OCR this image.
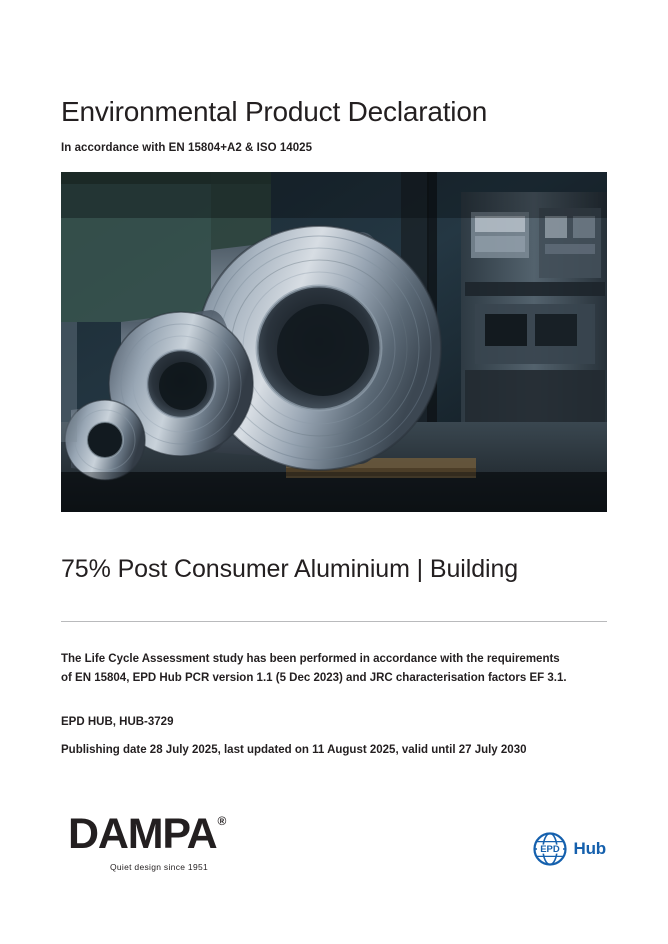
Environmental Product Declaration

In accordance with EN 15804+A2 & ISO 14025

75% Post Consumer Aluminium | Building

The Life Cycle Assessment study has been performed in accordance with the requirements of EN 15804, EPD Hub PCR version 1.1 (5 Dec 2023) and JRC characterisation factors EF 3.1.

EPD HUB, HUB-3729

Publishing date 28 July 2025, last updated on 11 August 2025, valid until 27 July 2030

DAMPA®
Quiet design since 1951
EPD Hub
